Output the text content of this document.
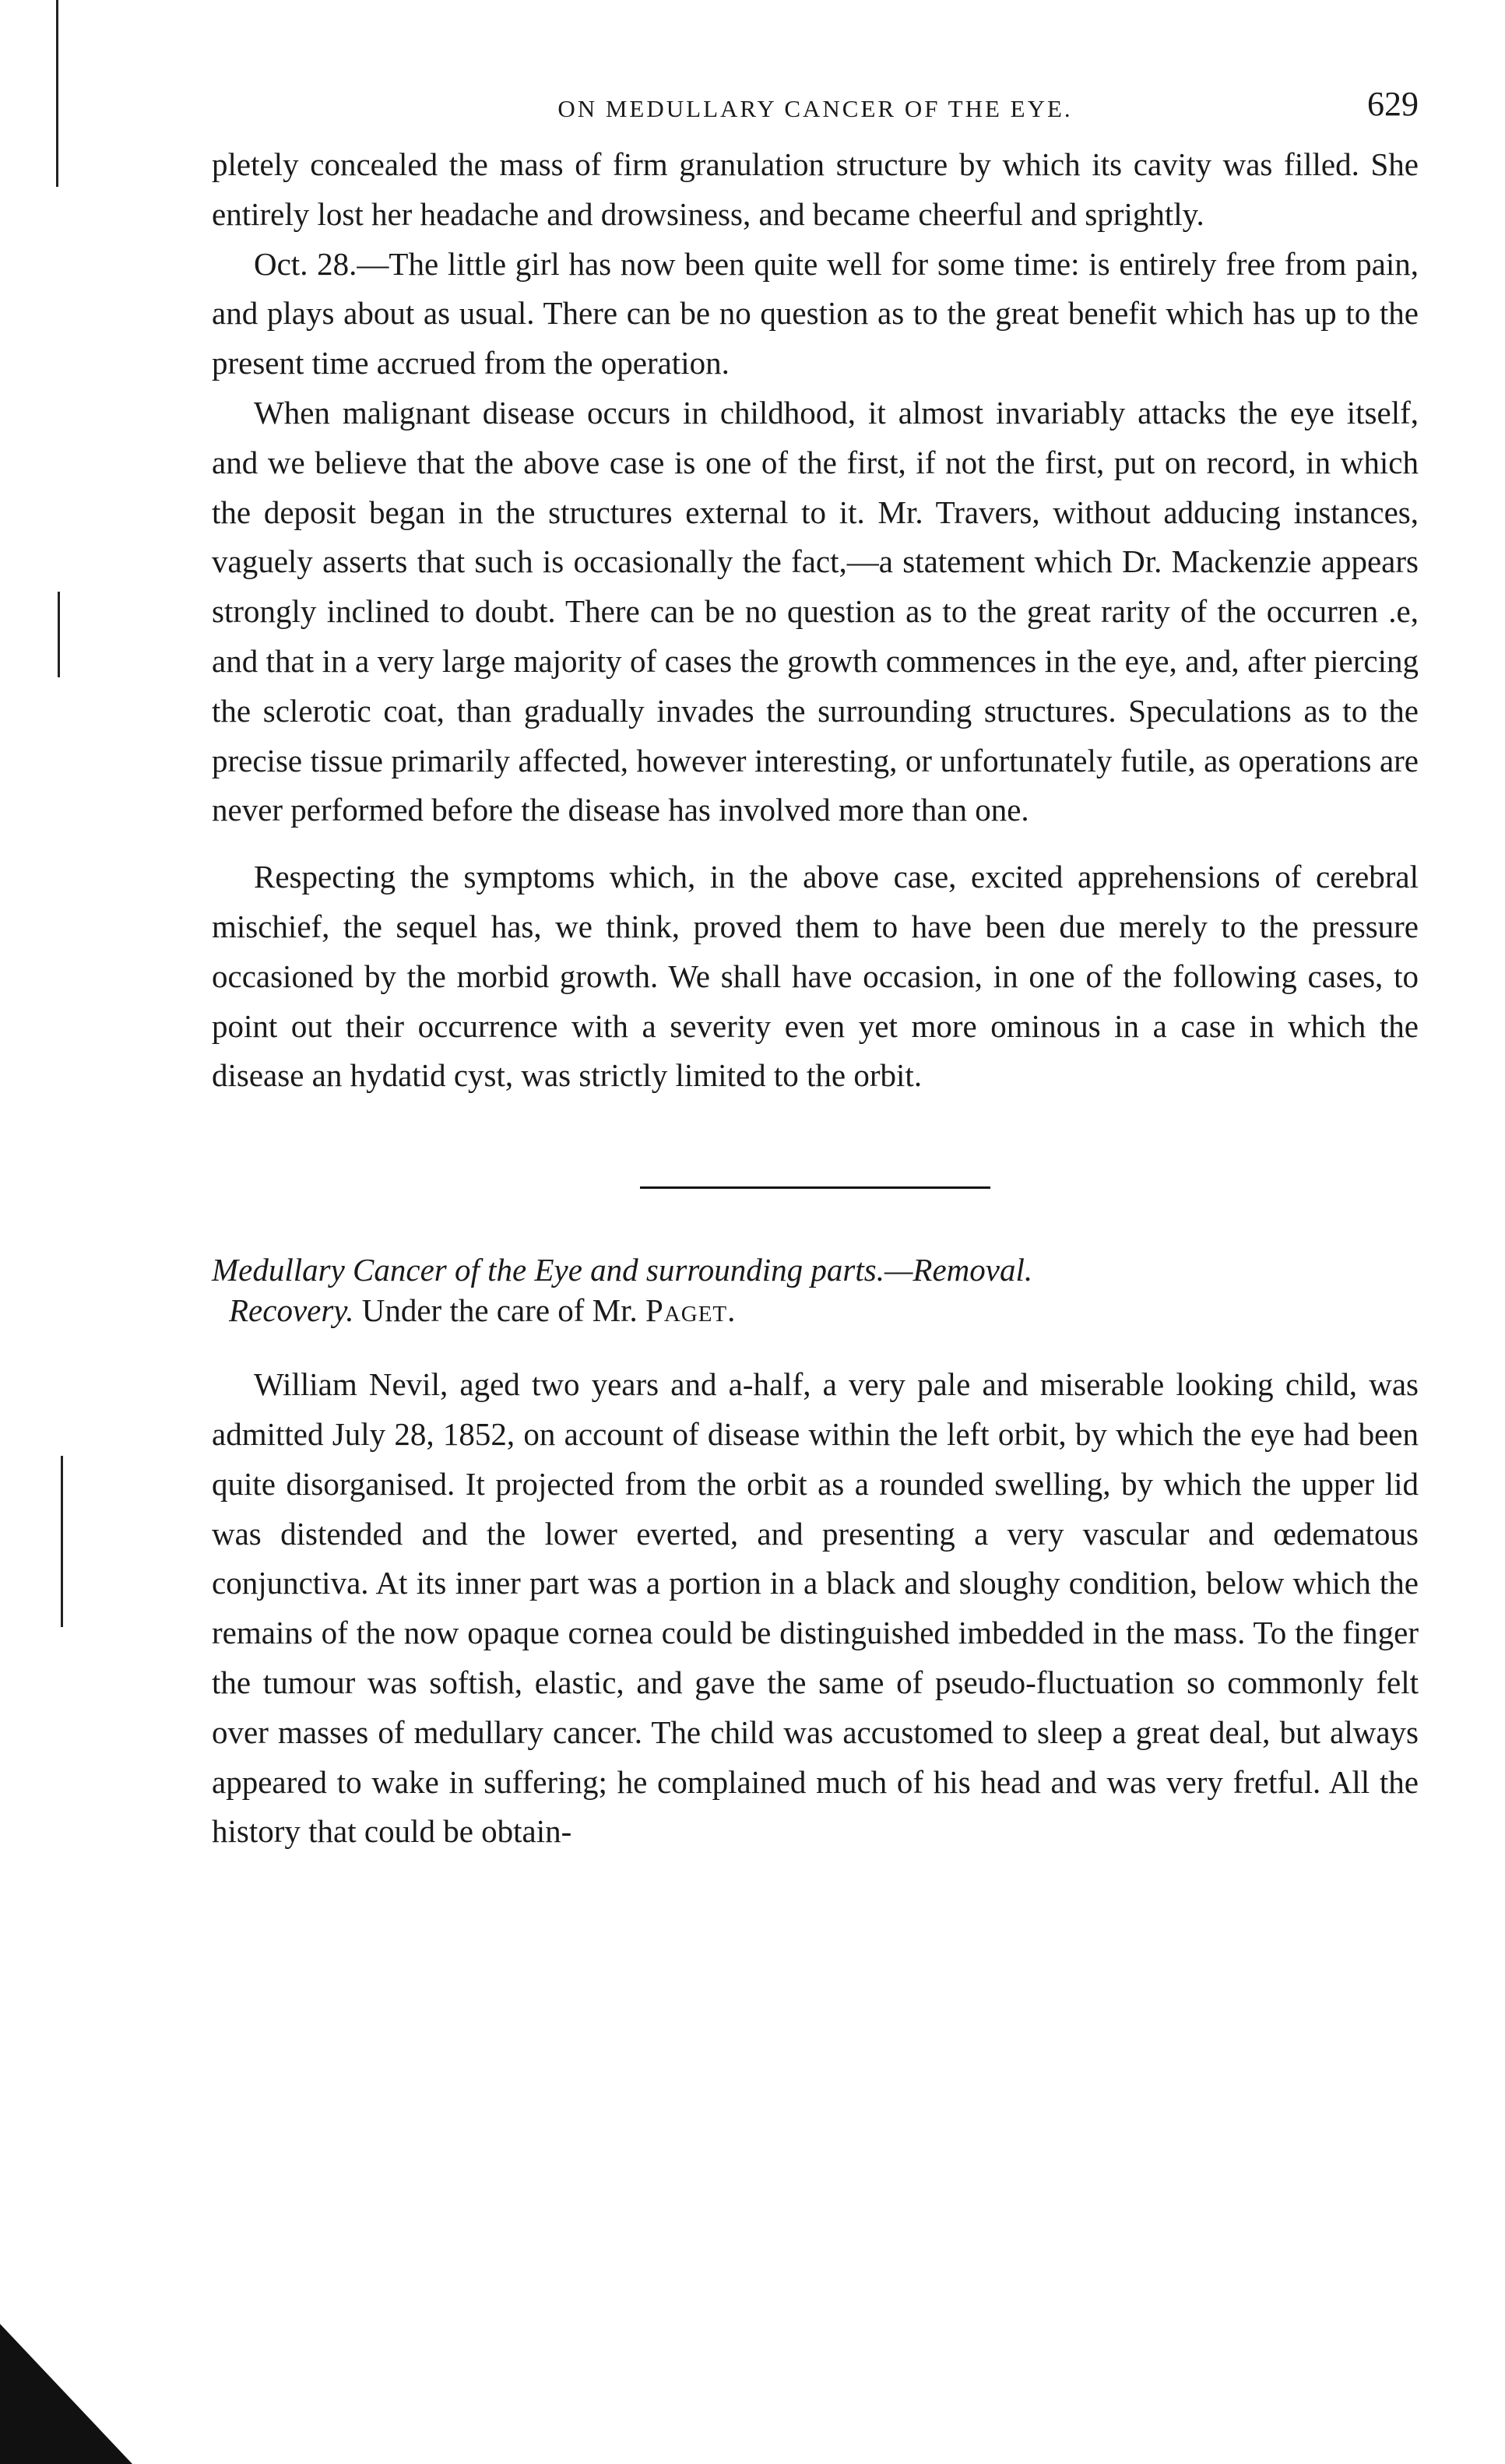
ON MEDULLARY CANCER OF THE EYE.	629

pletely concealed the mass of firm granulation structure by which its cavity was filled. She entirely lost her headache and drowsiness, and became cheerful and sprightly.

Oct. 28.—The little girl has now been quite well for some time: is entirely free from pain, and plays about as usual. There can be no question as to the great benefit which has up to the present time accrued from the operation.

When malignant disease occurs in childhood, it almost invariably attacks the eye itself, and we believe that the above case is one of the first, if not the first, put on record, in which the deposit began in the structures external to it. Mr. Travers, without adducing instances, vaguely asserts that such is occasionally the fact,—a statement which Dr. Mackenzie appears strongly inclined to doubt. There can be no question as to the great rarity of the occurren .e, and that in a very large majority of cases the growth commences in the eye, and, after piercing the sclerotic coat, than gradually invades the surrounding structures. Speculations as to the precise tissue primarily affected, however interesting, or unfortunately futile, as operations are never performed before the disease has involved more than one.

Respecting the symptoms which, in the above case, excited apprehensions of cerebral mischief, the sequel has, we think, proved them to have been due merely to the pressure occasioned by the morbid growth. We shall have occasion, in one of the following cases, to point out their occurrence with a severity even yet more ominous in a case in which the disease an hydatid cyst, was strictly limited to the orbit.

Medullary Cancer of the Eye and surrounding parts.—Removal.
Recovery. Under the care of Mr. Paget.

William Nevil, aged two years and a-half, a very pale and miserable looking child, was admitted July 28, 1852, on account of disease within the left orbit, by which the eye had been quite disorganised. It projected from the orbit as a rounded swelling, by which the upper lid was distended and the lower everted, and presenting a very vascular and œdematous conjunctiva. At its inner part was a portion in a black and sloughy condition, below which the remains of the now opaque cornea could be distinguished imbedded in the mass. To the finger the tumour was softish, elastic, and gave the same of pseudo-fluctuation so commonly felt over masses of medullary cancer. The child was accustomed to sleep a great deal, but always appeared to wake in suffering; he complained much of his head and was very fretful. All the history that could be obtain-
